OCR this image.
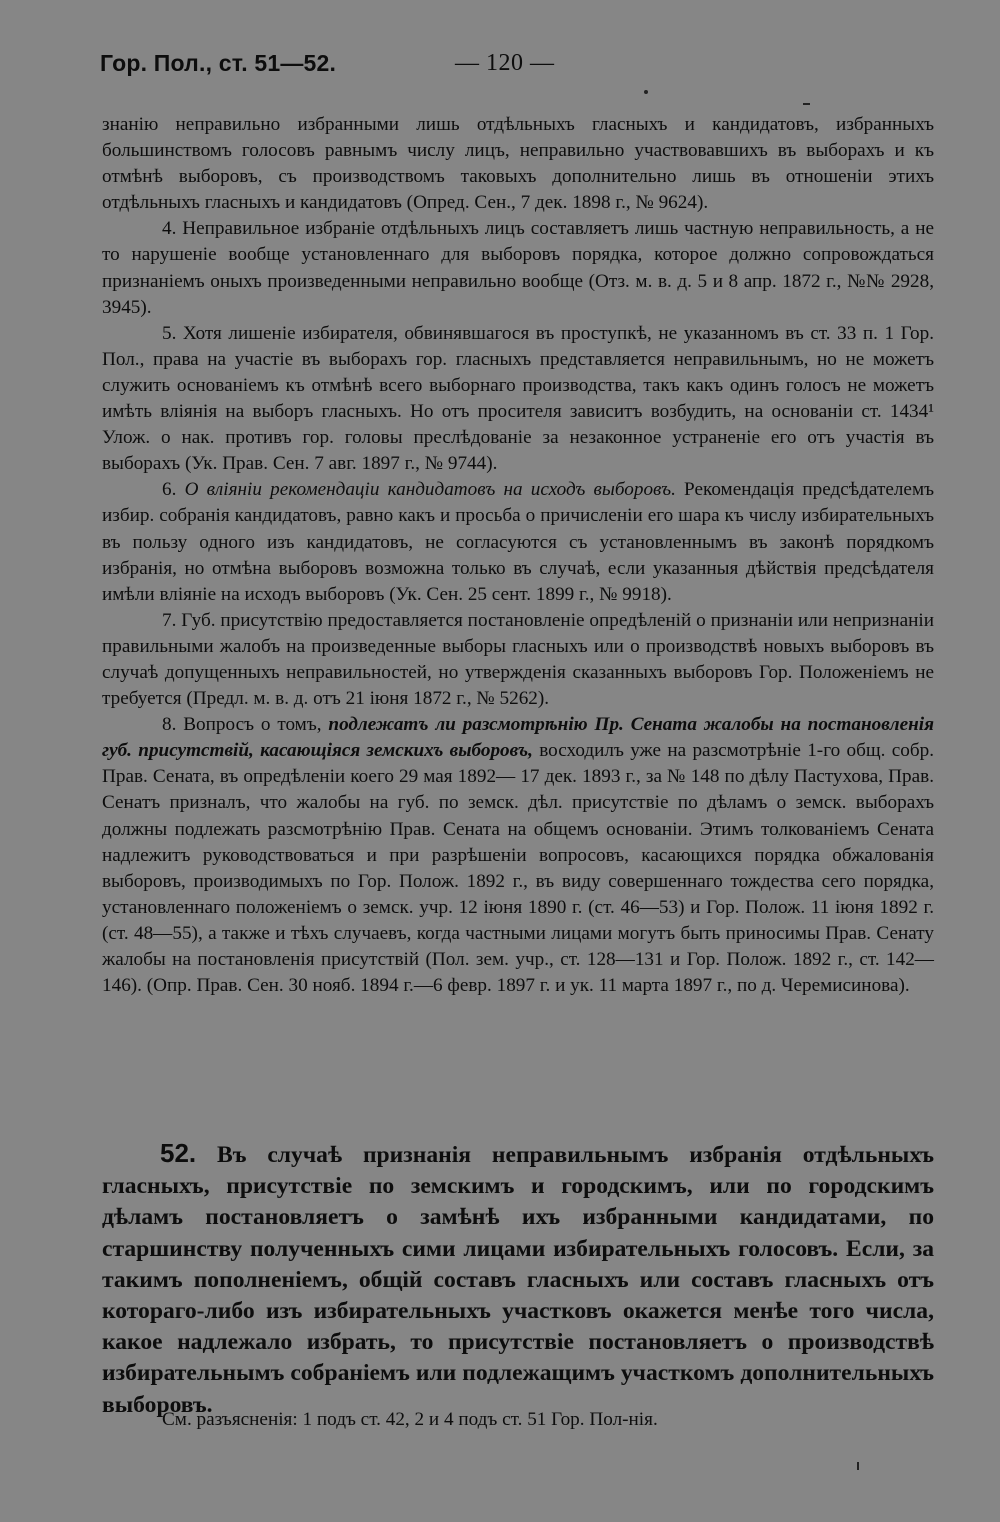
Гор. Пол., ст. 51—52.	— 120 —

знанію неправильно избранными лишь отдѣльныхъ гласныхъ и кандидатовъ, избранныхъ большинствомъ голосовъ равнымъ числу лицъ, неправильно участвовавшихъ въ выборахъ и къ отмѣнѣ выборовъ, съ производствомъ таковыхъ дополнительно лишь въ отношеніи этихъ отдѣльныхъ гласныхъ и кандидатовъ (Опред. Сен., 7 дек. 1898 г., № 9624).

4. Неправильное избраніе отдѣльныхъ лицъ составляетъ лишь частную неправильность, а не то нарушеніе вообще установленнаго для выборовъ порядка, которое должно сопровождаться признаніемъ оныхъ произведенными неправильно вообще (Отз. м. в. д. 5 и 8 апр. 1872 г., №№ 2928, 3945).

5. Хотя лишеніе избирателя, обвинявшагося въ проступкѣ, не указанномъ въ ст. 33 п. 1 Гор. Пол., права на участіе въ выборахъ гор. гласныхъ представляется неправильнымъ, но не можетъ служить основаніемъ къ отмѣнѣ всего выборнаго производства, такъ какъ одинъ голосъ не можетъ имѣть вліянія на выборъ гласныхъ. Но отъ просителя зависитъ возбудить, на основаніи ст. 1434¹ Улож. о нак. противъ гор. головы преслѣдованіе за незаконное устраненіе его отъ участія въ выборахъ (Ук. Прав. Сен. 7 авг. 1897 г., № 9744).

6. О вліяніи рекомендаціи кандидатовъ на исходъ выборовъ. Рекомендація предсѣдателемъ избир. собранія кандидатовъ, равно какъ и просьба о причисленіи его шара къ числу избирательныхъ въ пользу одного изъ кандидатовъ, не согласуются съ установленнымъ въ законѣ порядкомъ избранія, но отмѣна выборовъ возможна только въ случаѣ, если указанныя дѣйствія предсѣдателя имѣли вліяніе на исходъ выборовъ (Ук. Сен. 25 сент. 1899 г., № 9918).

7. Губ. присутствію предоставляется постановленіе опредѣленій о признаніи или непризнаніи правильными жалобъ на произведенные выборы гласныхъ или о производствѣ новыхъ выборовъ въ случаѣ допущенныхъ неправильностей, но утвержденія сказанныхъ выборовъ Гор. Положеніемъ не требуется (Предл. м. в. д. отъ 21 іюня 1872 г., № 5262).

8. Вопросъ о томъ, подлежатъ ли разсмотрѣнію Пр. Сената жалобы на постановленія губ. присутствій, касающіяся земскихъ выборовъ, восходилъ уже на разсмотрѣніе 1-го общ. собр. Прав. Сената, въ опредѣленіи коего 29 мая 1892— 17 дек. 1893 г., за № 148 по дѣлу Пастухова, Прав. Сенатъ призналъ, что жалобы на губ. по земск. дѣл. присутствіе по дѣламъ о земск. выборахъ должны подлежать разсмотрѣнію Прав. Сената на общемъ основаніи. Этимъ толкованіемъ Сената надлежитъ руководствоваться и при разрѣшеніи вопросовъ, касающихся порядка обжалованія выборовъ, производимыхъ по Гор. Полож. 1892 г., въ виду совершеннаго тождества сего порядка, установленнаго положеніемъ о земск. учр. 12 іюня 1890 г. (ст. 46—53) и Гор. Полож. 11 іюня 1892 г. (ст. 48—55), а также и тѣхъ случаевъ, когда частными лицами могутъ быть приносимы Прав. Сенату жалобы на постановленія присутствій (Пол. зем. учр., ст. 128—131 и Гор. Полож. 1892 г., ст. 142— 146). (Опр. Прав. Сен. 30 нояб. 1894 г.—6 февр. 1897 г. и ук. 11 марта 1897 г., по д. Черемисинова).

52. Въ случаѣ признанія неправильнымъ избранія отдѣльныхъ гласныхъ, присутствіе по земскимъ и городскимъ, или по городскимъ дѣламъ постановляетъ о замѣнѣ ихъ избранными кандидатами, по старшинству полученныхъ сими лицами избирательныхъ голосовъ. Если, за такимъ пополненіемъ, общій составъ гласныхъ или составъ гласныхъ отъ котораго-либо изъ избирательныхъ участковъ окажется менѣе того числа, какое надлежало избрать, то присутствіе постановляетъ о производствѣ избирательнымъ собраніемъ или подлежащимъ участкомъ дополнительныхъ выборовъ.

См. разъясненія: 1 подъ ст. 42, 2 и 4 подъ ст. 51 Гор. Пол-нія.
